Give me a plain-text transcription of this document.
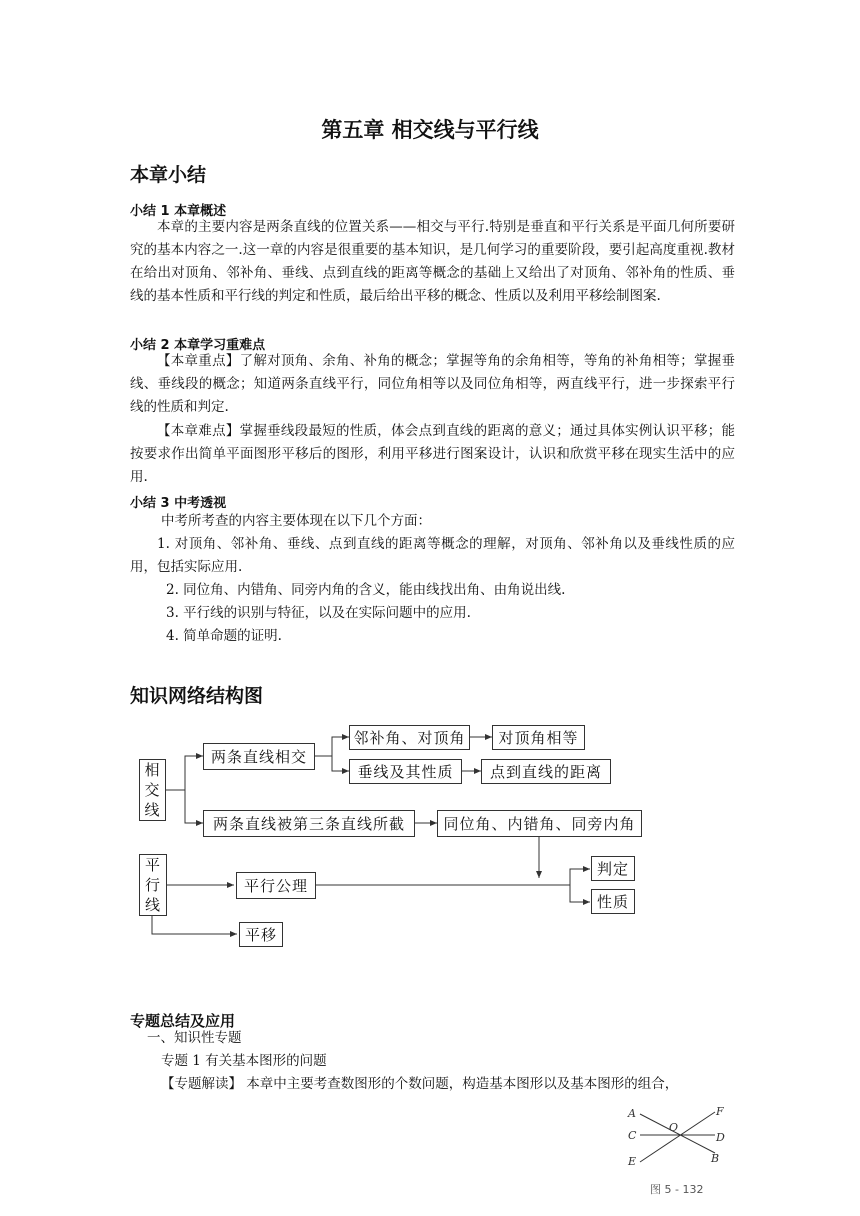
第五章 相交线与平行线
本章小结
小结 1 本章概述
本章的主要内容是两条直线的位置关系——相交与平行.特别是垂直和平行关系是平面几何所要研究的基本内容之一.这一章的内容是很重要的基本知识，是几何学习的重要阶段，要引起高度重视.教材在给出对顶角、邻补角、垂线、点到直线的距离等概念的基础上又给出了对顶角、邻补角的性质、垂线的基本性质和平行线的判定和性质，最后给出平移的概念、性质以及利用平移绘制图案.
小结 2 本章学习重难点
【本章重点】了解对顶角、余角、补角的概念；掌握等角的余角相等，等角的补角相等；掌握垂线、垂线段的概念；知道两条直线平行，同位角相等以及同位角相等，两直线平行，进一步探索平行线的性质和判定.
【本章难点】掌握垂线段最短的性质，体会点到直线的距离的意义；通过具体实例认识平移；能按要求作出简单平面图形平移后的图形，利用平移进行图案设计，认识和欣赏平移在现实生活中的应用.
小结 3 中考透视
中考所考查的内容主要体现在以下几个方面：
1. 对顶角、邻补角、垂线、点到直线的距离等概念的理解，对顶角、邻补角以及垂线性质的应用，包括实际应用.
2. 同位角、内错角、同旁内角的含义，能由线找出角、由角说出线.
3. 平行线的识别与特征，以及在实际问题中的应用.
4. 简单命题的证明.
知识网络结构图
相
交
线
两条直线相交
邻补角、对顶角	对顶角相等
垂线及其性质	点到直线的距离
两条直线被第三条直线所截	同位角、内错角、同旁内角
平
行
线
平行公理
判定
性质
平移
专题总结及应用
一、知识性专题
专题 1 有关基本图形的问题
【专题解读】 本章中主要考查数图形的个数问题，构造基本图形以及基本图形的组合，
A
C
E
O
F
D
B
图 5 - 132
